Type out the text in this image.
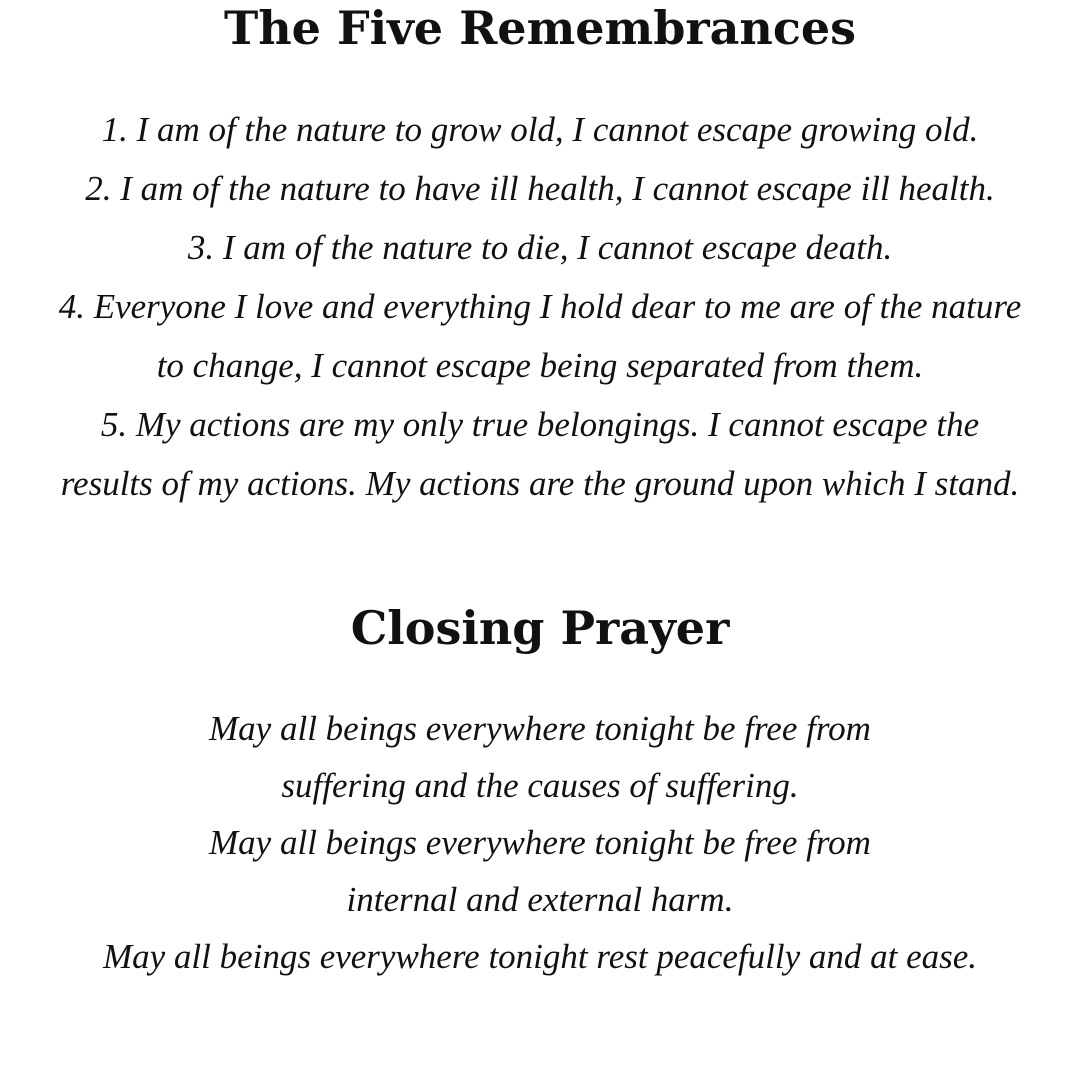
The Five Remembrances
1. I am of the nature to grow old, I cannot escape growing old.
2. I am of the nature to have ill health, I cannot escape ill health.
3. I am of the nature to die, I cannot escape death.
4. Everyone I love and everything I hold dear to me are of the nature
to change, I cannot escape being separated from them.
5. My actions are my only true belongings. I cannot escape the
results of my actions. My actions are the ground upon which I stand.
Closing Prayer
May all beings everywhere tonight be free from
suffering and the causes of suffering.
May all beings everywhere tonight be free from
internal and external harm.
May all beings everywhere tonight rest peacefully and at ease.
